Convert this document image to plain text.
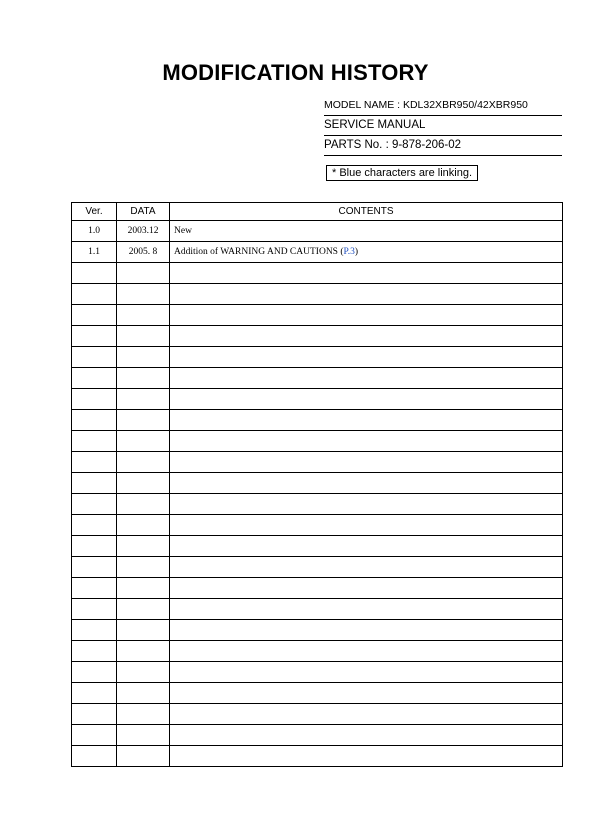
MODIFICATION HISTORY
MODEL NAME : KDL32XBR950/42XBR950
SERVICE MANUAL
PARTS No. : 9-878-206-02
* Blue characters are linking.
Ver.	DATA	CONTENTS
1.0	2003.12	New
1.1	2005. 8	Addition of WARNING AND CAUTIONS (P.3)
